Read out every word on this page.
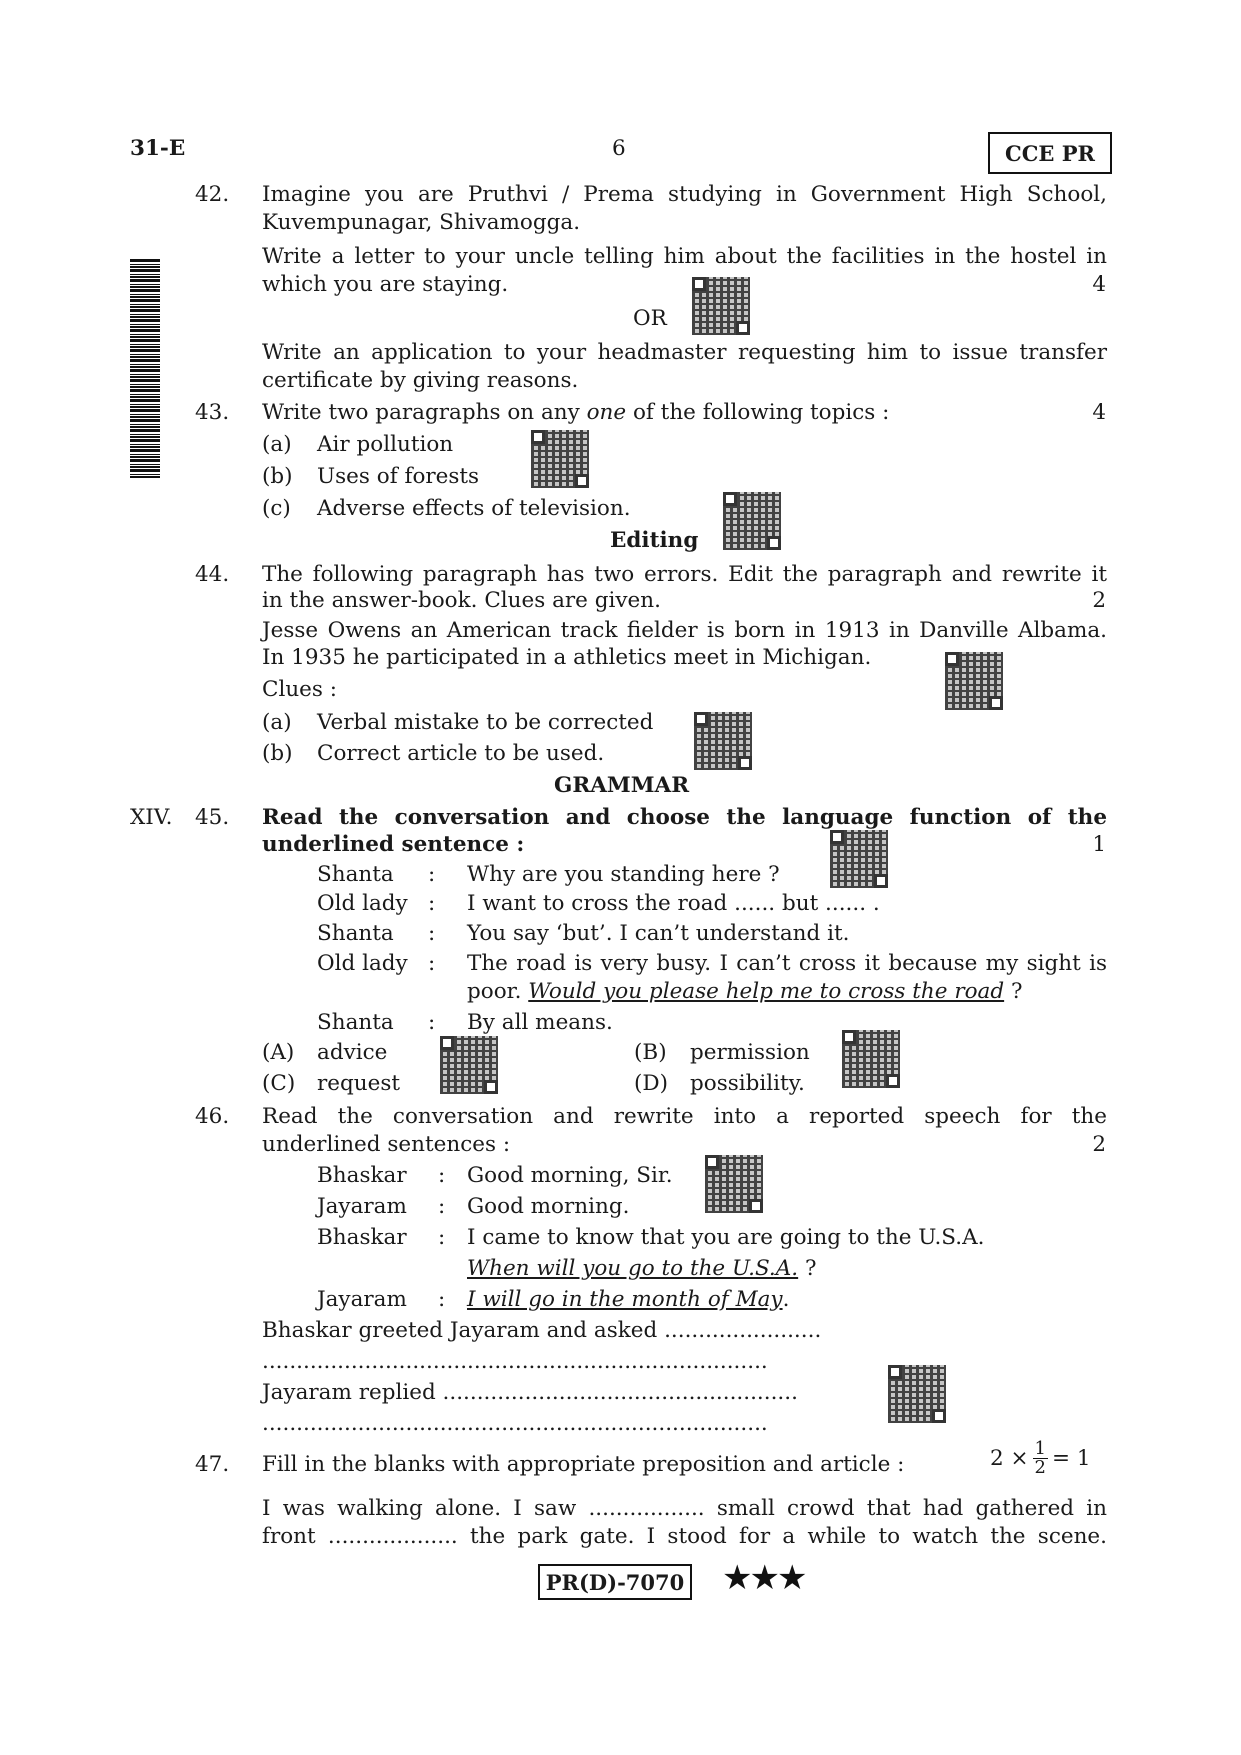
31-E	6	CCE PR
42. Imagine you are Pruthvi / Prema studying in Government High School,
Kuvempunagar, Shivamogga.
Write a letter to your uncle telling him about the facilities in the hostel in
which you are staying.	4
OR
Write an application to your headmaster requesting him to issue transfer
certificate by giving reasons.
43. Write two paragraphs on any one of the following topics :	4
(a) Air pollution
(b) Uses of forests
(c) Adverse effects of television.
Editing
44. The following paragraph has two errors. Edit the paragraph and rewrite it
in the answer-book. Clues are given.	2
Jesse Owens an American track fielder is born in 1913 in Danville Albama.
In 1935 he participated in a athletics meet in Michigan.
Clues :
(a) Verbal mistake to be corrected
(b) Correct article to be used.
GRAMMAR
XIV. 45. Read the conversation and choose the language function of the
underlined sentence :	1
Shanta : Why are you standing here ?
Old lady : I want to cross the road ...... but ...... .
Shanta : You say ‘but’. I can’t understand it.
Old lady : The road is very busy. I can’t cross it because my sight is
poor. Would you please help me to cross the road ?
Shanta : By all means.
(A) advice	(B) permission
(C) request	(D) possibility.
46. Read the conversation and rewrite into a reported speech for the
underlined sentences :	2
Bhaskar : Good morning, Sir.
Jayaram : Good morning.
Bhaskar : I came to know that you are going to the U.S.A.
When will you go to the U.S.A. ?
Jayaram : I will go in the month of May.
Bhaskar greeted Jayaram and asked .......................
..........................................................................
Jayaram replied ....................................................
..........................................................................
47. Fill in the blanks with appropriate preposition and article :	$2 \times \frac{1}{2} = 1$
I was walking alone. I saw ................. small crowd that had gathered in
front ................... the park gate. I stood for a while to watch the scene.
PR(D)-7070 ★★★
